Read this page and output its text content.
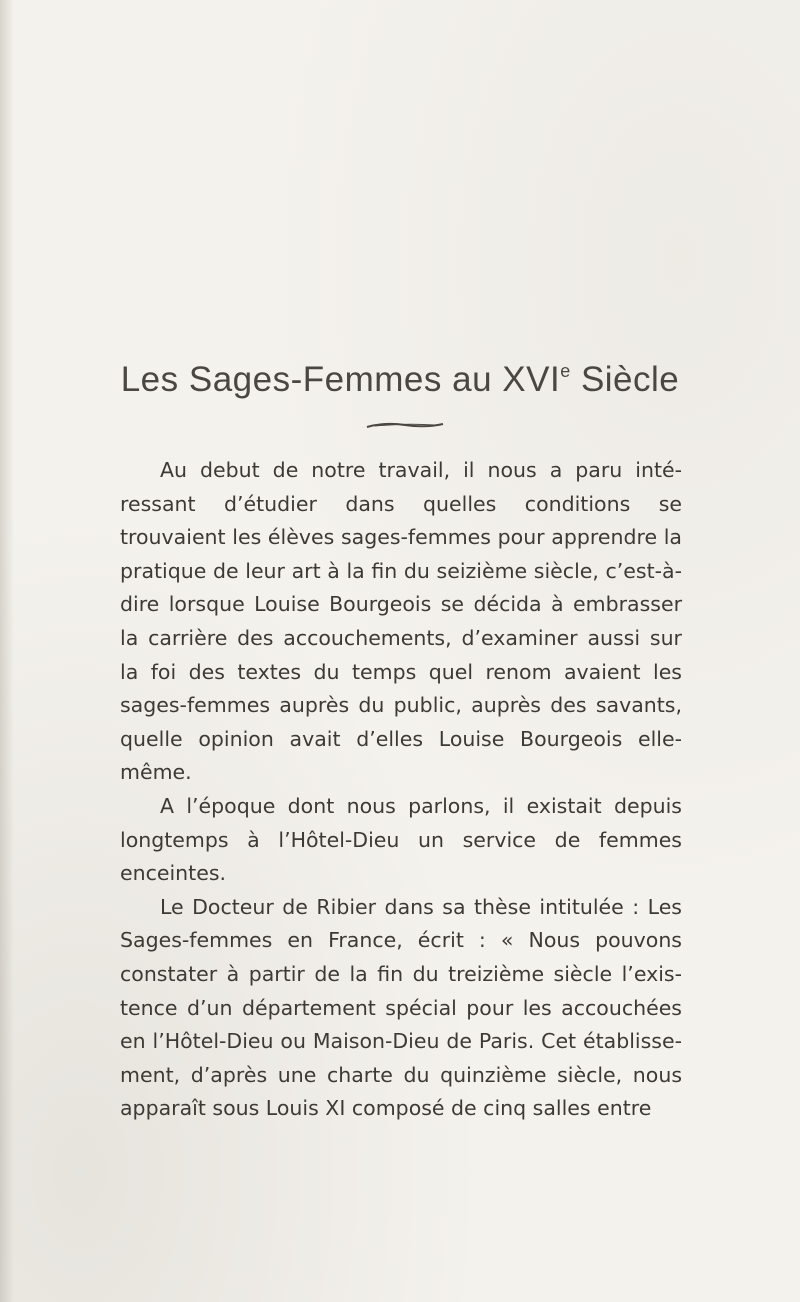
Les Sages-Femmes au XVIe Siècle

Au debut de notre travail, il nous a paru intéressant d’étudier dans quelles conditions se trouvaient les élèves sages-femmes pour apprendre la pratique de leur art à la fin du seizième siècle, c’est-à-dire lorsque Louise Bourgeois se décida à embrasser la carrière des accouchements, d’examiner aussi sur la foi des textes du temps quel renom avaient les sages-femmes auprès du public, auprès des savants, quelle opinion avait d’elles Louise Bourgeois elle-même.

A l’époque dont nous parlons, il existait depuis longtemps à l’Hôtel-Dieu un service de femmes enceintes.

Le Docteur de Ribier dans sa thèse intitulée : Les Sages-femmes en France, écrit : « Nous pouvons constater à partir de la fin du treizième siècle l’existence d’un département spécial pour les accouchées en l’Hôtel-Dieu ou Maison-Dieu de Paris. Cet établissement, d’après une charte du quinzième siècle, nous apparaît sous Louis XI composé de cinq salles entre
